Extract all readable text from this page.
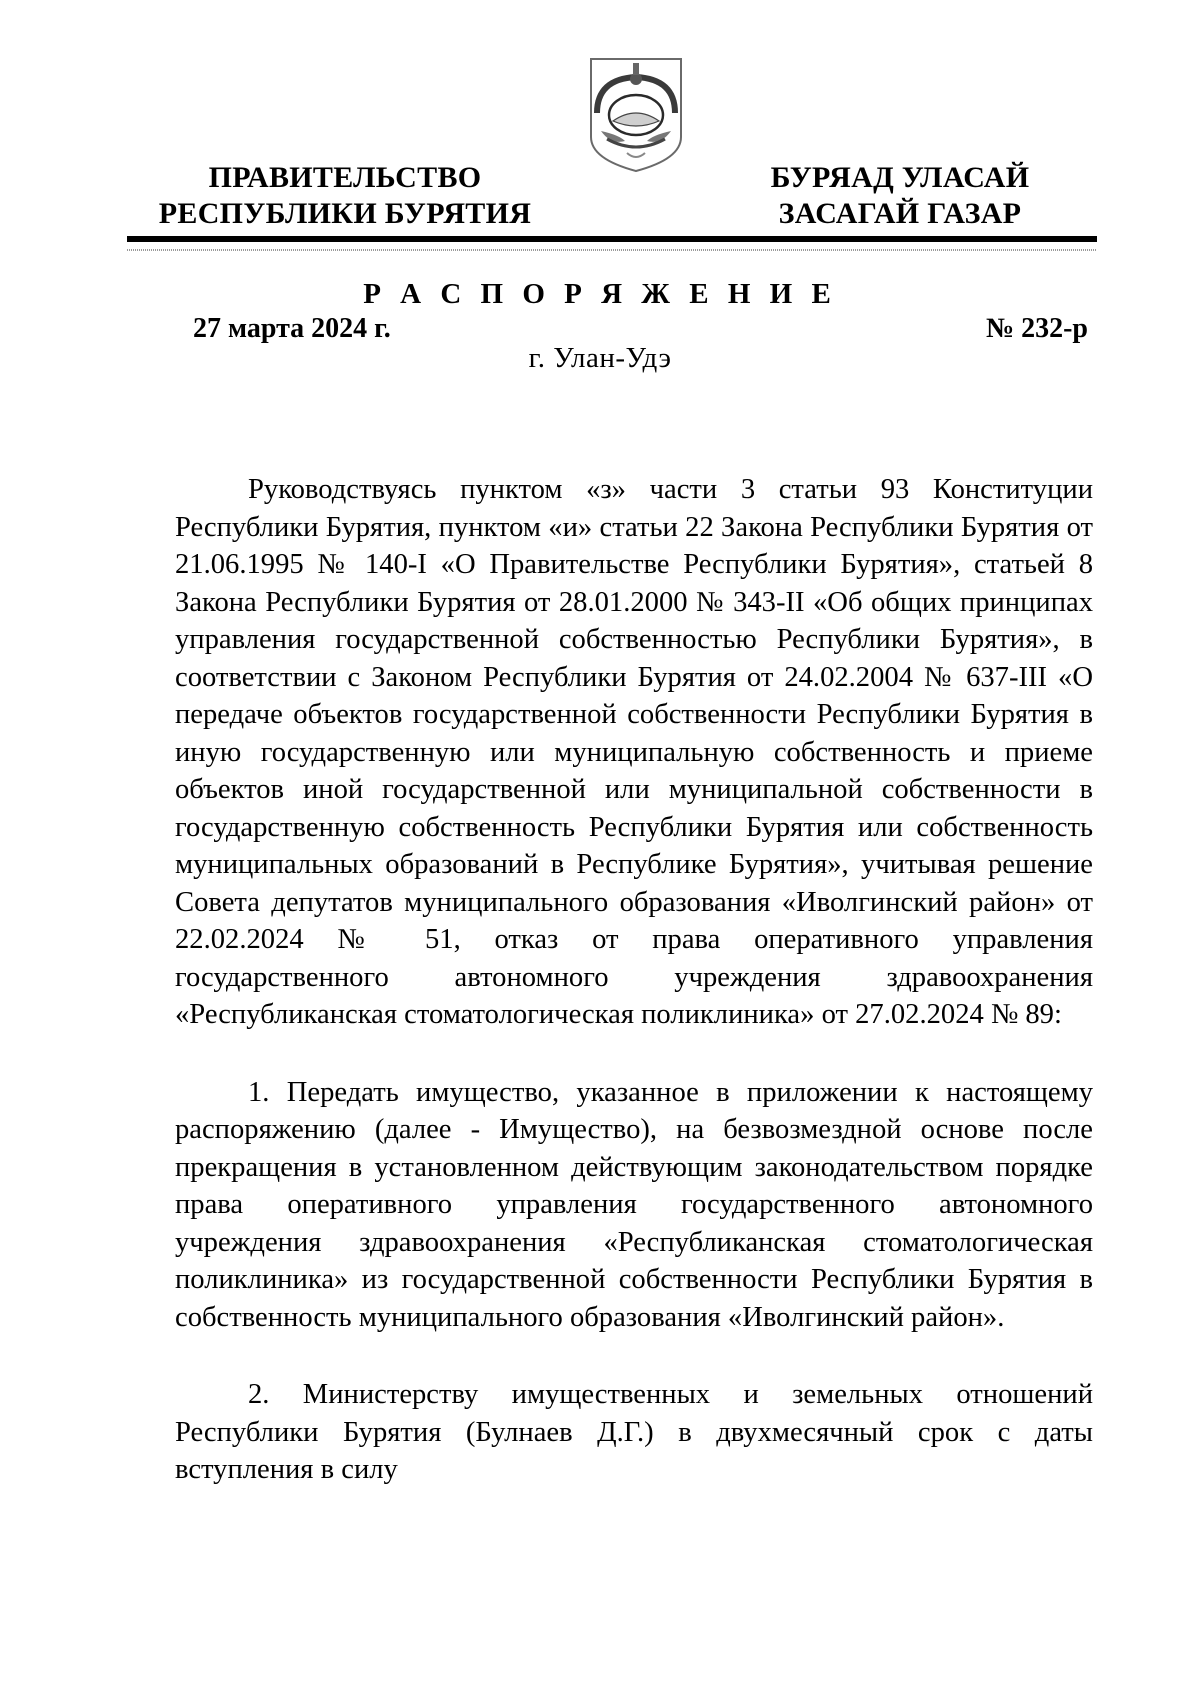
ПРАВИТЕЛЬСТВО
РЕСПУБЛИКИ БУРЯТИЯ
БУРЯАД УЛАСАЙ
ЗАСАГАЙ ГАЗАР
Р А С П О Р Я Ж Е Н И Е
27 марта 2024 г.	№ 232-р
г. Улан-Удэ

Руководствуясь пунктом «з» части 3 статьи 93 Конституции Республики Бурятия, пунктом «и» статьи 22 Закона Республики Бурятия от 21.06.1995 № 140-I «О Правительстве Республики Бурятия», статьей 8 Закона Республики Бурятия от 28.01.2000 № 343-II «Об общих принципах управления государственной собственностью Республики Бурятия», в соответствии с Законом Республики Бурятия от 24.02.2004 № 637-III «О передаче объектов государственной собственности Республики Бурятия в иную государственную или муниципальную собственность и приеме объектов иной государственной или муниципальной собственности в государственную собственность Республики Бурятия или собственность муниципальных образований в Республике Бурятия», учитывая решение Совета депутатов муниципального образования «Иволгинский район» от 22.02.2024 № 51, отказ от права оперативного управления государственного автономного учреждения здравоохранения «Республиканская стоматологическая поликлиника» от 27.02.2024 № 89:

1. Передать имущество, указанное в приложении к настоящему распоряжению (далее - Имущество), на безвозмездной основе после прекращения в установленном действующим законодательством порядке права оперативного управления государственного автономного учреждения здравоохранения «Республиканская стоматологическая поликлиника» из государственной собственности Республики Бурятия в собственность муниципального образования «Иволгинский район».

2. Министерству имущественных и земельных отношений Республики Бурятия (Булнаев Д.Г.) в двухмесячный срок с даты вступления в силу
